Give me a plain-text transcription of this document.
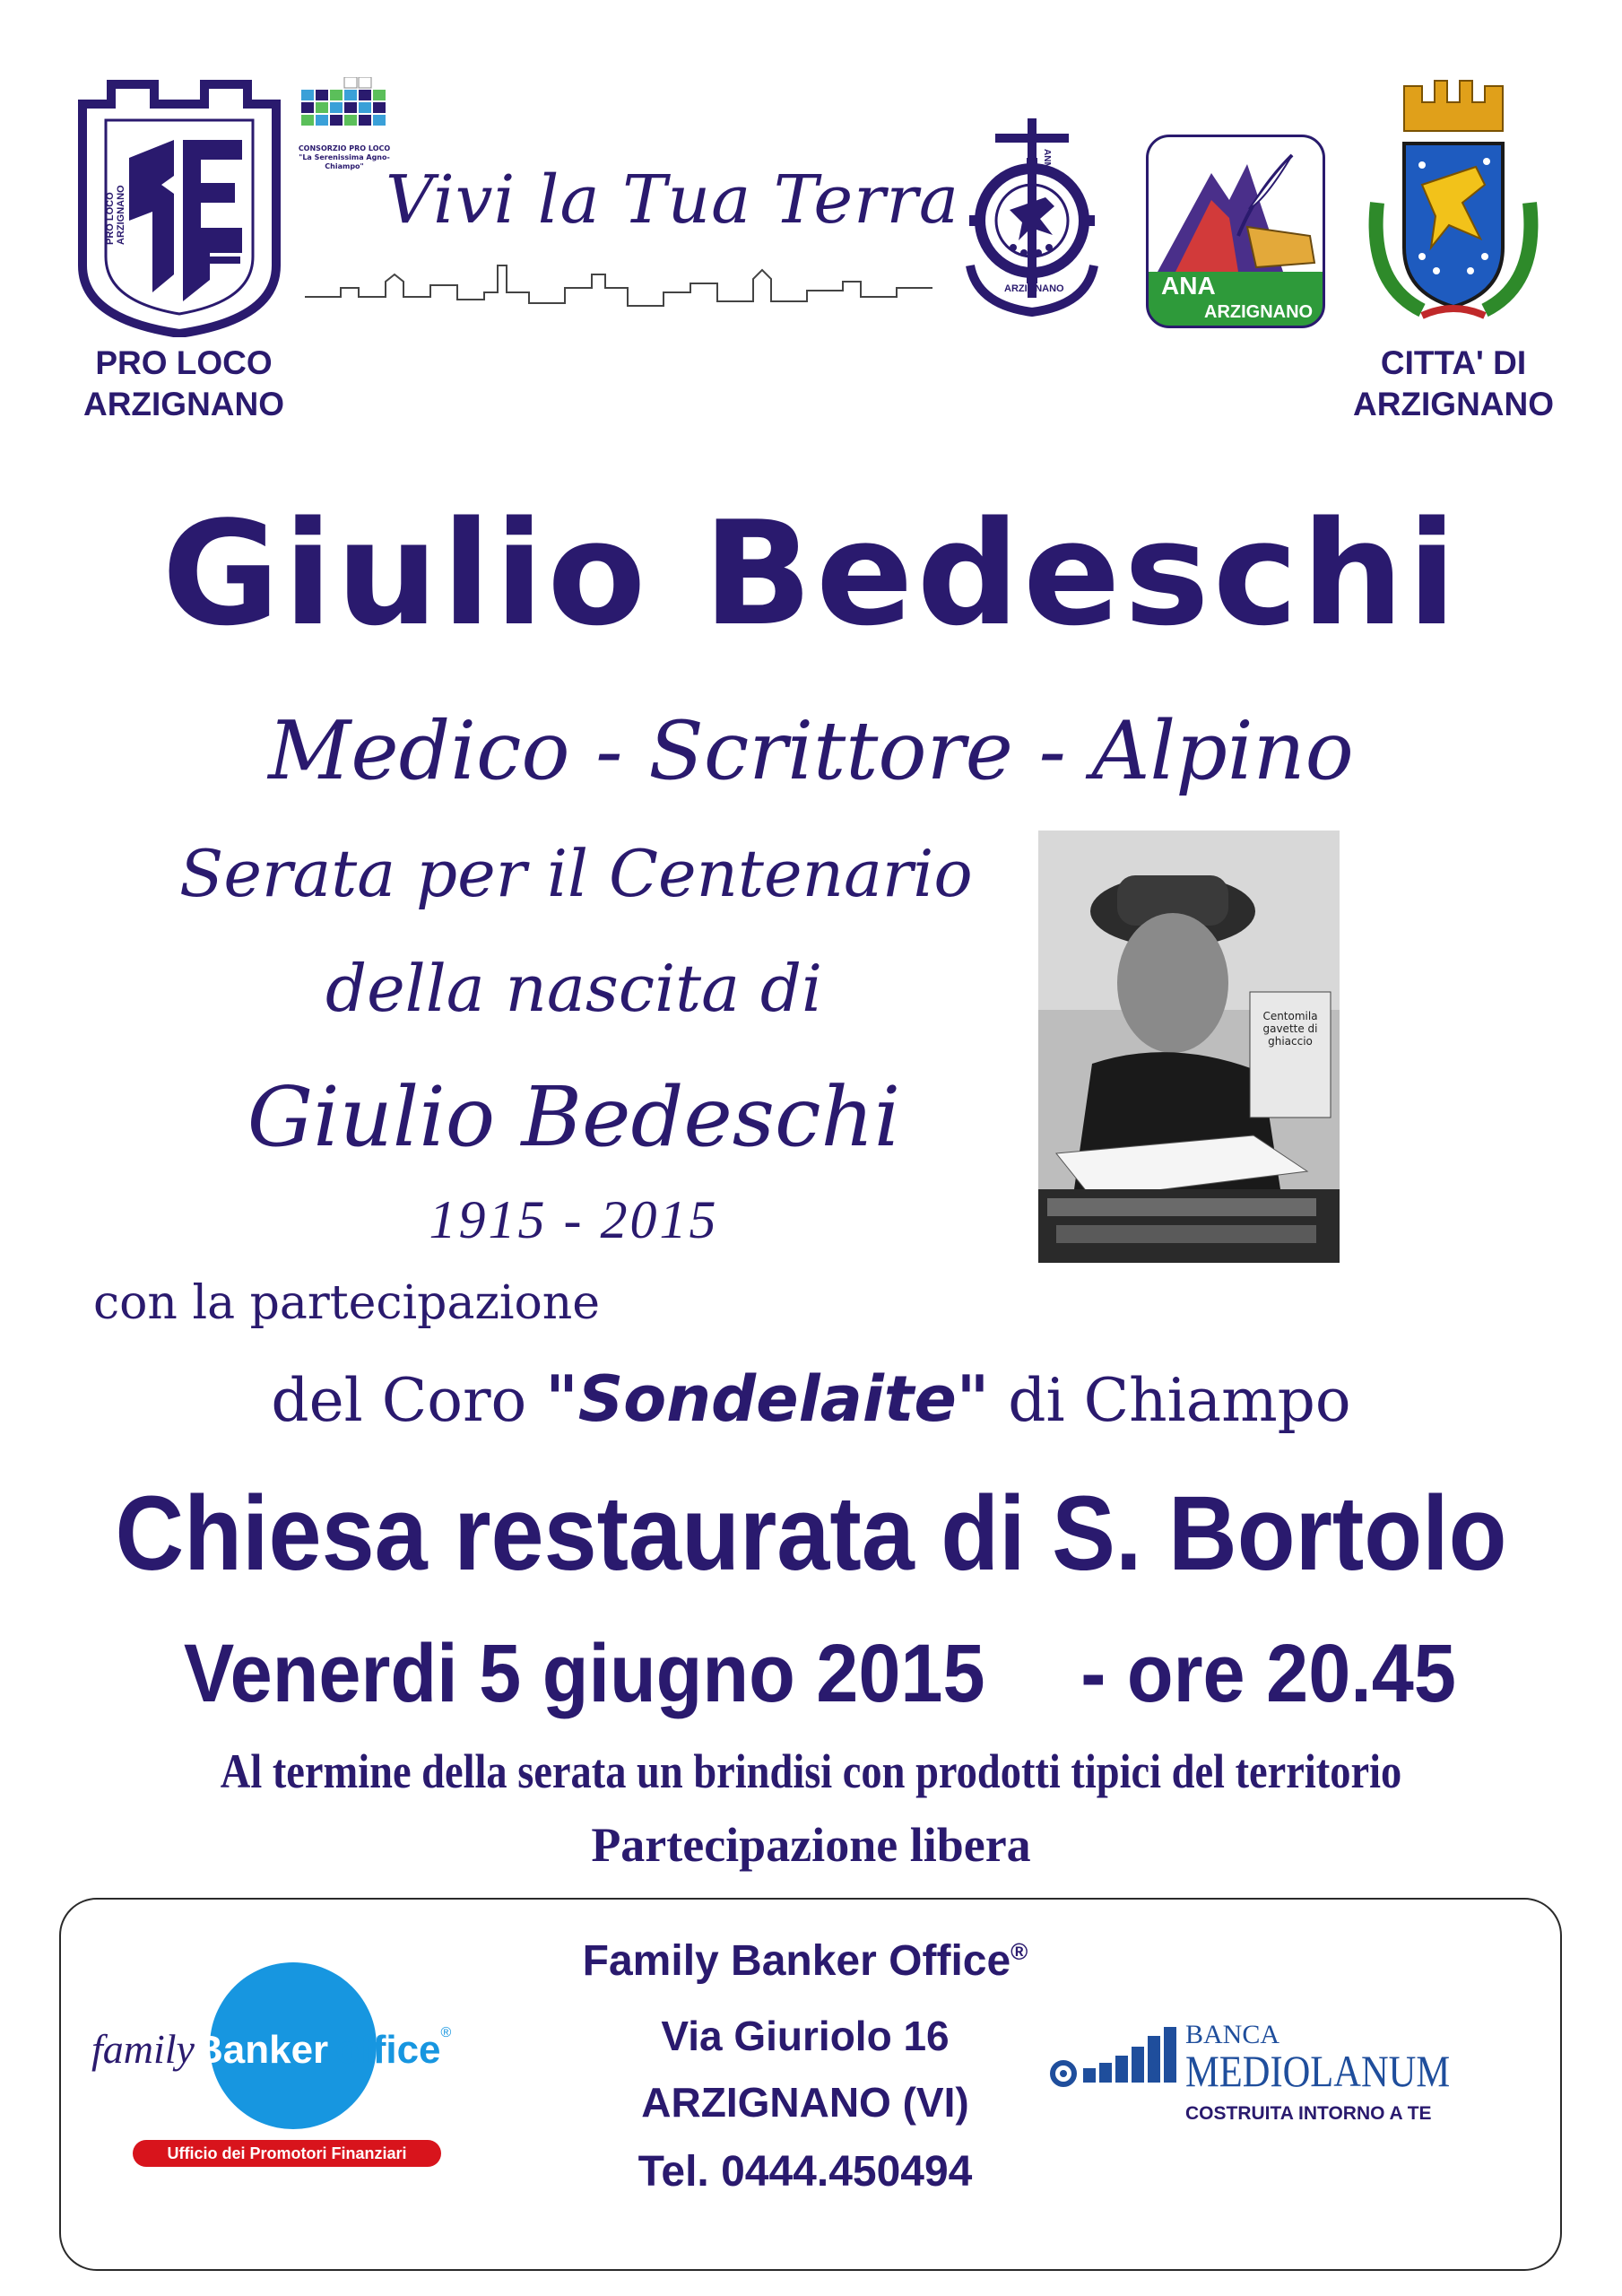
PRO LOCO ARZIGNANO
PRO LOCO
ARZIGNANO
CONSORZIO PRO LOCO
"La Serenissima Agno-Chiampo" Vivi la Tua Terra
ANM
ARZIGNANO	ANA
ARZIGNANO
CITTA' DI
ARZIGNANO
Giulio Bedeschi
Medico - Scrittore - Alpino
Serata per il Centenario
della nascita di
Giulio Bedeschi
1915 - 2015
Centomila gavette di ghiaccio
con la partecipazione
del Coro "Sondelaite" di Chiampo
Chiesa restaurata di S. Bortolo
Venerdi 5 giugno 2015 - ore 20.45
Al termine della serata un brindisi con prodotti tipici del territorio
Partecipazione libera
familyBanker office®
Ufficio dei Promotori Finanziari
Family Banker Office®
Via Giuriolo 16
ARZIGNANO (VI)
Tel. 0444.450494
BANCA
MEDIOLANUM
COSTRUITA INTORNO A TE
